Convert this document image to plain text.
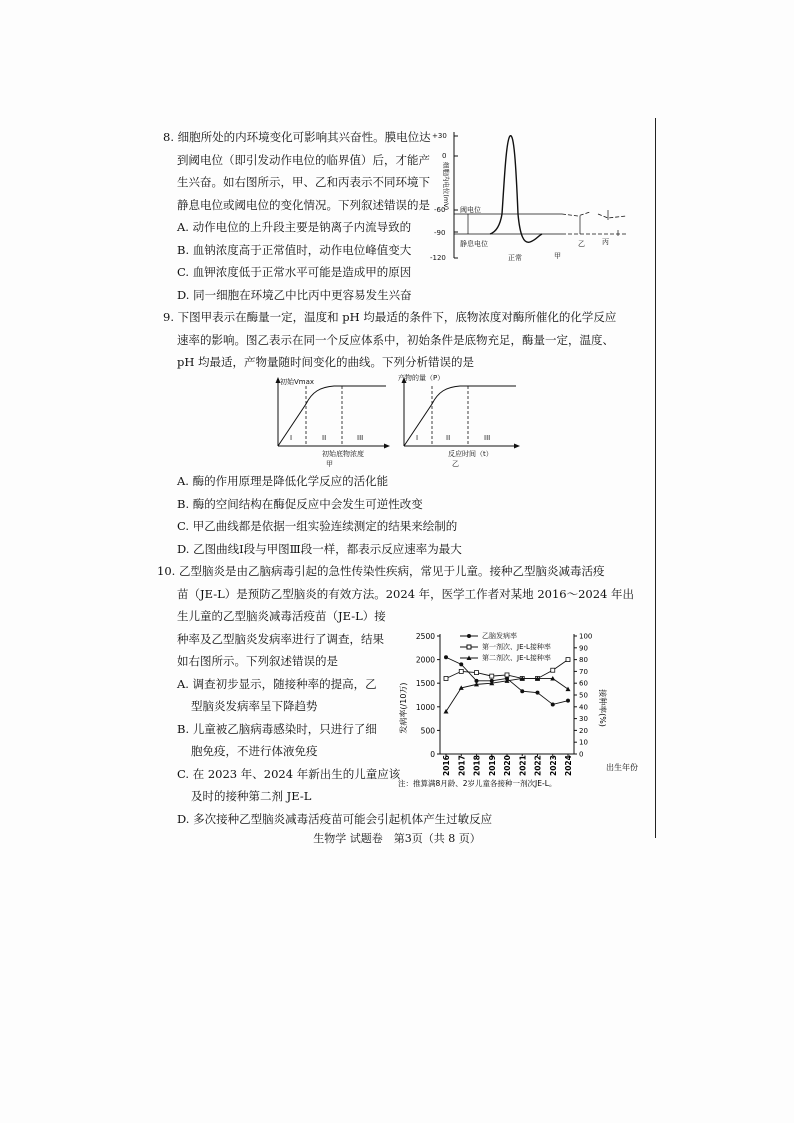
8. 细胞所处的内环境变化可影响其兴奋性。膜电位达
到阈电位（即引发动作电位的临界值）后，才能产
生兴奋。如右图所示，甲、乙和丙表示不同环境下
静息电位或阈电位的变化情况。下列叙述错误的是
A. 动作电位的上升段主要是钠离子内流导致的
B. 血钠浓度高于正常值时，动作电位峰值变大
C. 血钾浓度低于正常水平可能是造成甲的原因
D. 同一细胞在环境乙中比丙中更容易发生兴奋
+30
0
-60
-90
-120
细胞内电位(mV) 阈电位
静息电位
正常	甲
乙 丙
9. 下图甲表示在酶量一定，温度和 pH 均最适的条件下，底物浓度对酶所催化的化学反应
速率的影响。图乙表示在同一个反应体系中，初始条件是底物充足，酶量一定，温度、
pH 均最适，产物量随时间变化的曲线。下列分析错误的是
初始Vmax
I	II	III
初始底物浓度
甲
产物的量（P）
I	II	III
反应时间（t）
乙
A. 酶的作用原理是降低化学反应的活化能
B. 酶的空间结构在酶促反应中会发生可逆性改变
C. 甲乙曲线都是依据一组实验连续测定的结果来绘制的
D. 乙图曲线Ⅰ段与甲图Ⅲ段一样，都表示反应速率为最大
10. 乙型脑炎是由乙脑病毒引起的急性传染性疾病，常见于儿童。接种乙型脑炎减毒活疫
苗（JE-L）是预防乙型脑炎的有效方法。2024 年，医学工作者对某地 2016～2024 年出
生儿童的乙型脑炎减毒活疫苗（JE-L）接
种率及乙型脑炎发病率进行了调查，结果
如右图所示。下列叙述错误的是
A. 调查初步显示，随接种率的提高，乙
型脑炎发病率呈下降趋势
B. 儿童被乙脑病毒感染时，只进行了细
胞免疫，不进行体液免疫
C. 在 2023 年、2024 年新出生的儿童应该
及时的接种第二剂 JE-L
D. 多次接种乙型脑炎减毒活疫苗可能会引起机体产生过敏反应
乙脑发病率
第一剂次、JE-L接种率
第二剂次、JE-L接种率
0
500
1000
1500
2000
2500
0
10
20
30
40
50
60
70
80
90
100
2016 2017 2018 2019 2020 2021 2022 2023 2024
发病率(/10万)	接种率(%)
出生年份
注：推算满8月龄、2岁儿童各接种一剂次JE-L。
生物学 试题卷　第3页（共 8 页）
